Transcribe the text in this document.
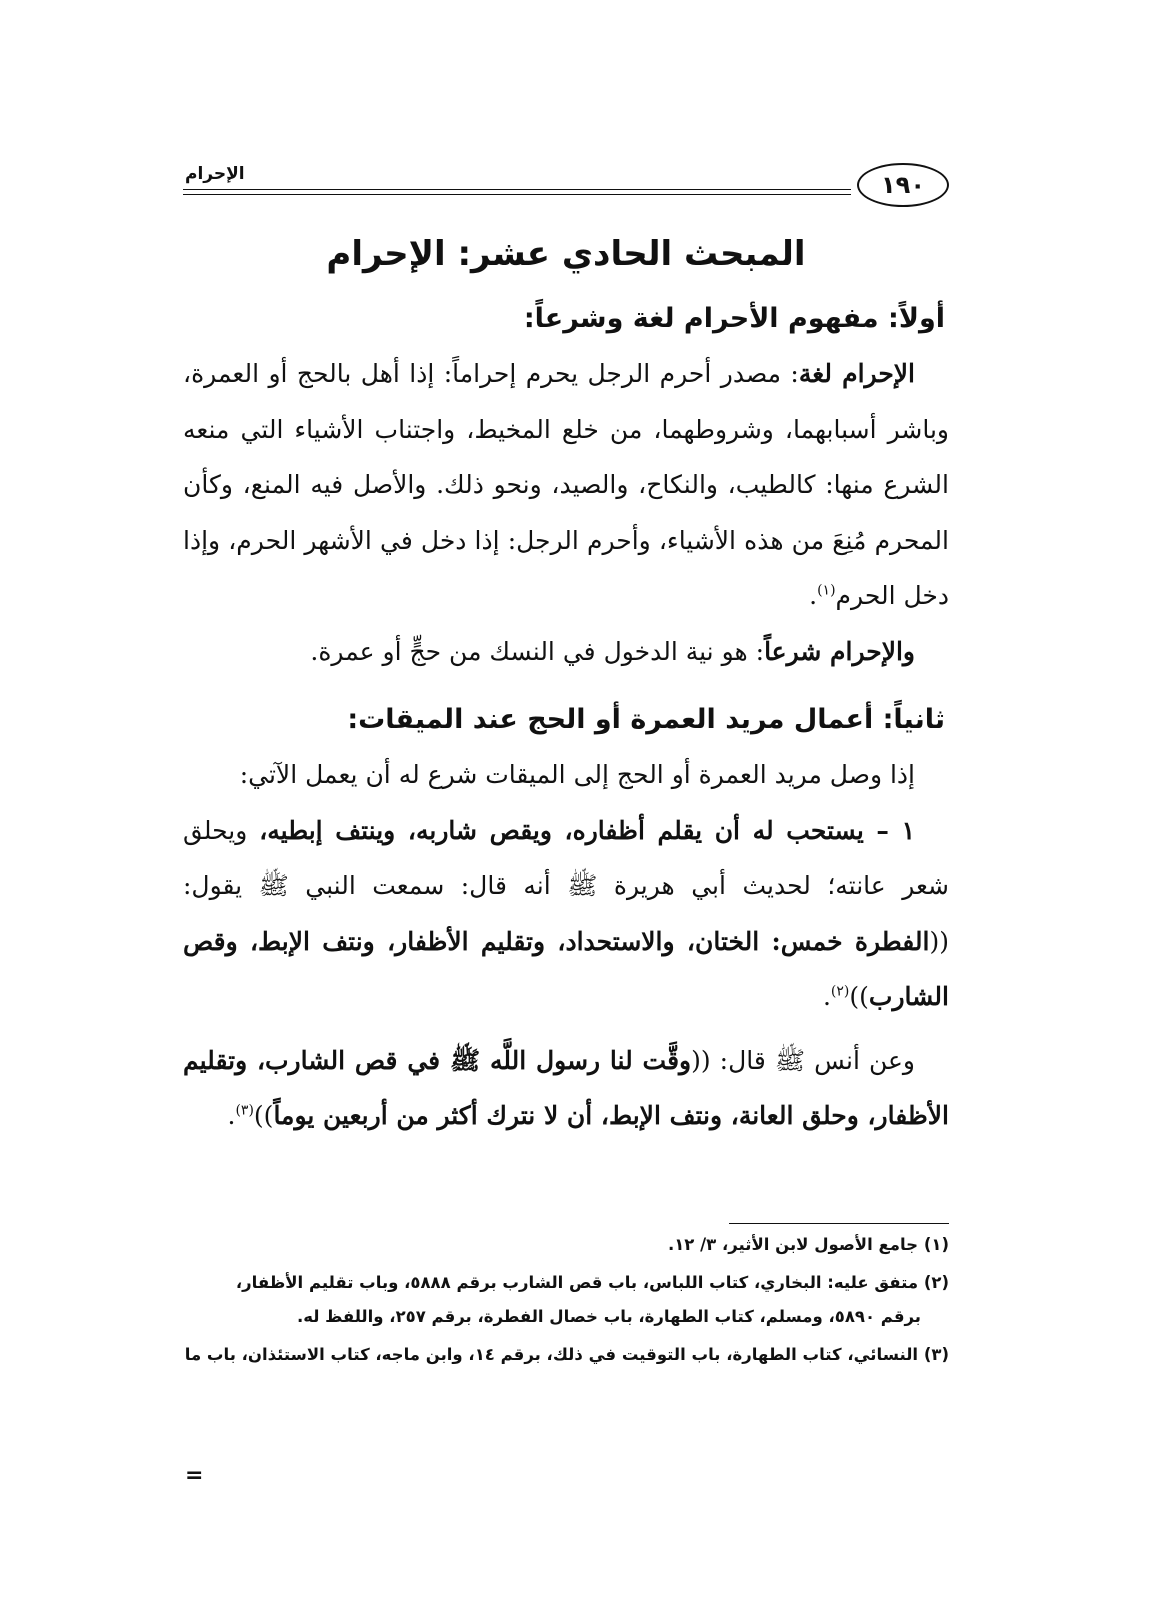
الإحرام	١٩٠
المبحث الحادي عشر: الإحرام
أولاً: مفهوم الأحرام لغة وشرعاً:

الإحرام لغة: مصدر أحرم الرجل يحرم إحراماً: إذا أهل بالحج أو العمرة، وباشر أسبابهما، وشروطهما، من خلع المخيط، واجتناب الأشياء التي منعه الشرع منها: كالطيب، والنكاح، والصيد، ونحو ذلك. والأصل فيه المنع، وكأن المحرم مُنِعَ من هذه الأشياء، وأحرم الرجل: إذا دخل في الأشهر الحرم، وإذا دخل الحرم$^{(١)}$.

والإحرام شرعاً: هو نية الدخول في النسك من حجٍّ أو عمرة.

ثانياً: أعمال مريد العمرة أو الحج عند الميقات:

إذا وصل مريد العمرة أو الحج إلى الميقات شرع له أن يعمل الآتي:

١ – يستحب له أن يقلم أظفاره، ويقص شاربه، وينتف إبطيه، ويحلق شعر عانته؛ لحديث أبي هريرة ﷺ أنه قال: سمعت النبي ﷺ يقول: ((الفطرة خمس: الختان، والاستحداد، وتقليم الأظفار، ونتف الإبط، وقص الشارب))$^{(٢)}$.

وعن أنس ﷺ قال: ((وقَّت لنا رسول اللَّه ﷺ في قص الشارب، وتقليم الأظفار، وحلق العانة، ونتف الإبط، أن لا نترك أكثر من أربعين يوماً))$^{(٣)}$.

(١) جامع الأصول لابن الأثير، ٣/ ١٢.

(٢) متفق عليه: البخاري، كتاب اللباس، باب قص الشارب برقم ٥٨٨٨، وباب تقليم الأظفار،
برقم ٥٨٩٠، ومسلم، كتاب الطهارة، باب خصال الفطرة، برقم ٢٥٧، واللفظ له.

(٣) النسائي، كتاب الطهارة، باب التوقيت في ذلك، برقم ١٤، وابن ماجه، كتاب الاستئذان، باب ما

=
